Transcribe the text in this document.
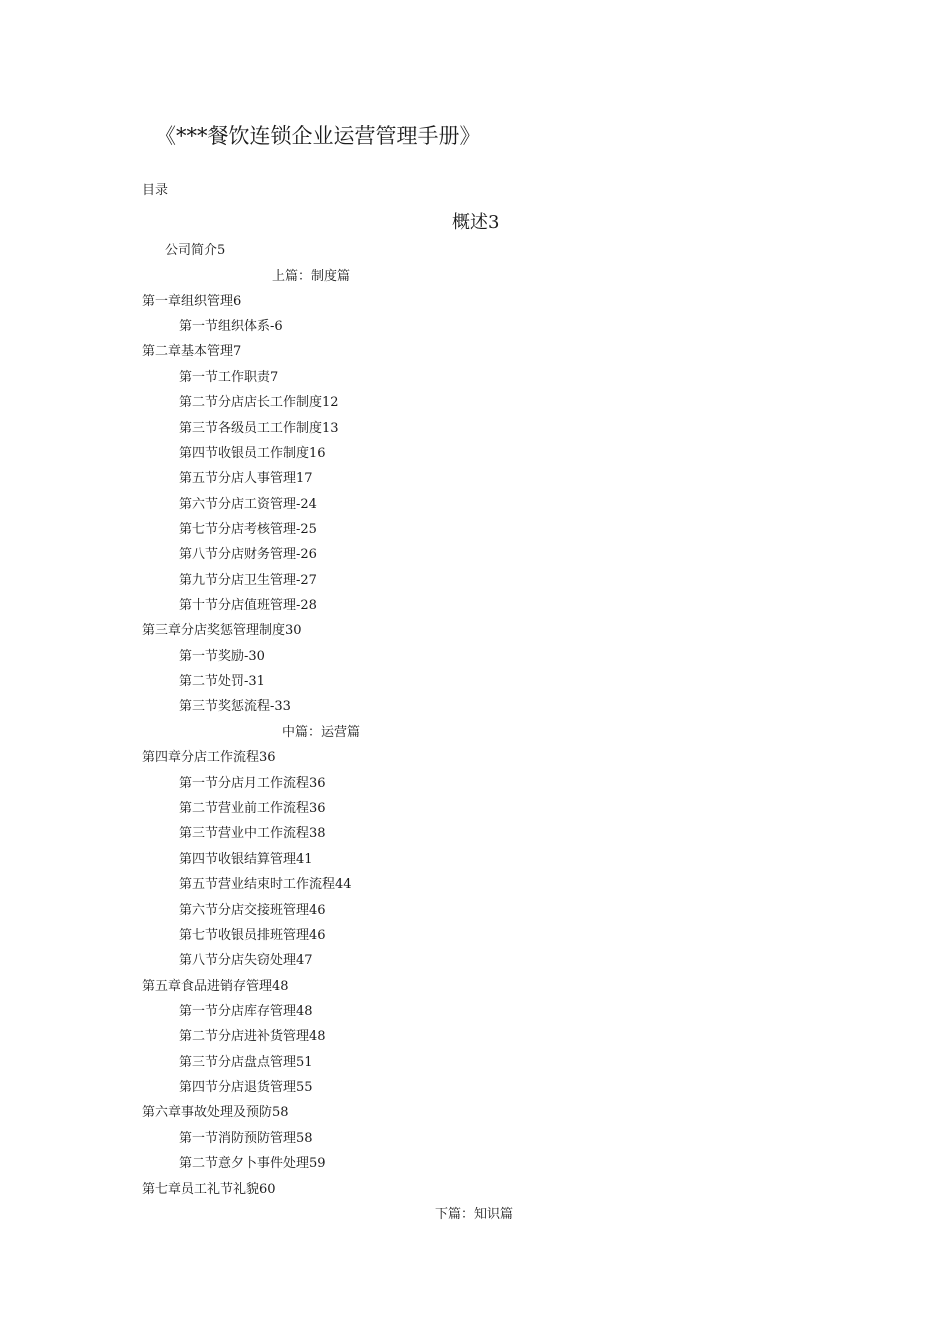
《***餐饮连锁企业运营管理手册》
目录
概述3
公司简介5
上篇：制度篇
第一章组织管理6
第一节组织体系-6
第二章基本管理7
第一节工作职责7
第二节分店店长工作制度12
第三节各级员工工作制度13
第四节收银员工作制度16
第五节分店人事管理17
第六节分店工资管理-24
第七节分店考核管理-25
第八节分店财务管理-26
第九节分店卫生管理-27
第十节分店值班管理-28
第三章分店奖惩管理制度30
第一节奖励-30
第二节处罚-31
第三节奖惩流程-33
中篇：运营篇
第四章分店工作流程36
第一节分店月工作流程36
第二节营业前工作流程36
第三节营业中工作流程38
第四节收银结算管理41
第五节营业结束时工作流程44
第六节分店交接班管理46
第七节收银员排班管理46
第八节分店失窃处理47
第五章食品进销存管理48
第一节分店库存管理48
第二节分店进补货管理48
第三节分店盘点管理51
第四节分店退货管理55
第六章事故处理及预防58
第一节消防预防管理58
第二节意夕卜事件处理59
第七章员工礼节礼貌60
下篇：知识篇
